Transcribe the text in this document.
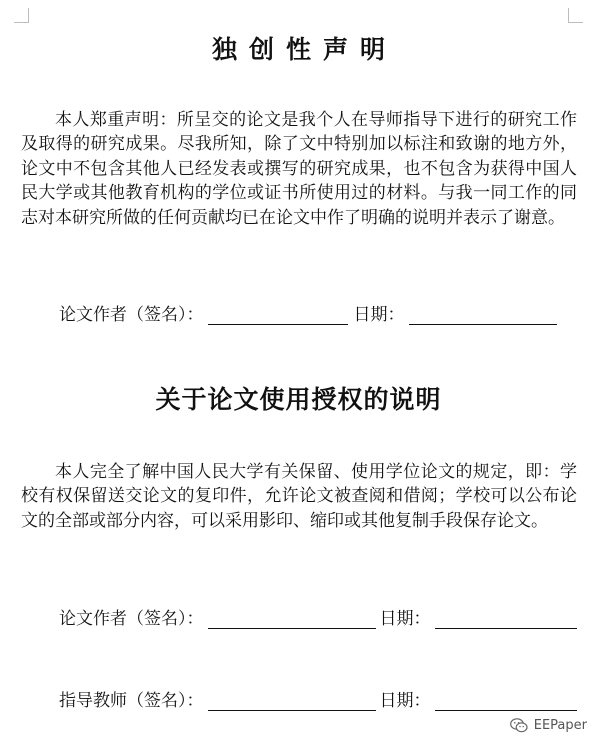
独创性声明

本人郑重声明：所呈交的论文是我个人在导师指导下进行的研究工作及取得的研究成果。尽我所知，除了文中特别加以标注和致谢的地方外，论文中不包含其他人已经发表或撰写的研究成果，也不包含为获得中国人民大学或其他教育机构的学位或证书所使用过的材料。与我一同工作的同志对本研究所做的任何贡献均已在论文中作了明确的说明并表示了谢意。

论文作者（签名）：	日期：
关于论文使用授权的说明

本人完全了解中国人民大学有关保留、使用学位论文的规定，即：学校有权保留送交论文的复印件，允许论文被查阅和借阅；学校可以公布论文的全部或部分内容，可以采用影印、缩印或其他复制手段保存论文。

论文作者（签名）：	日期：
指导教师（签名）：	日期：
EEPaper
